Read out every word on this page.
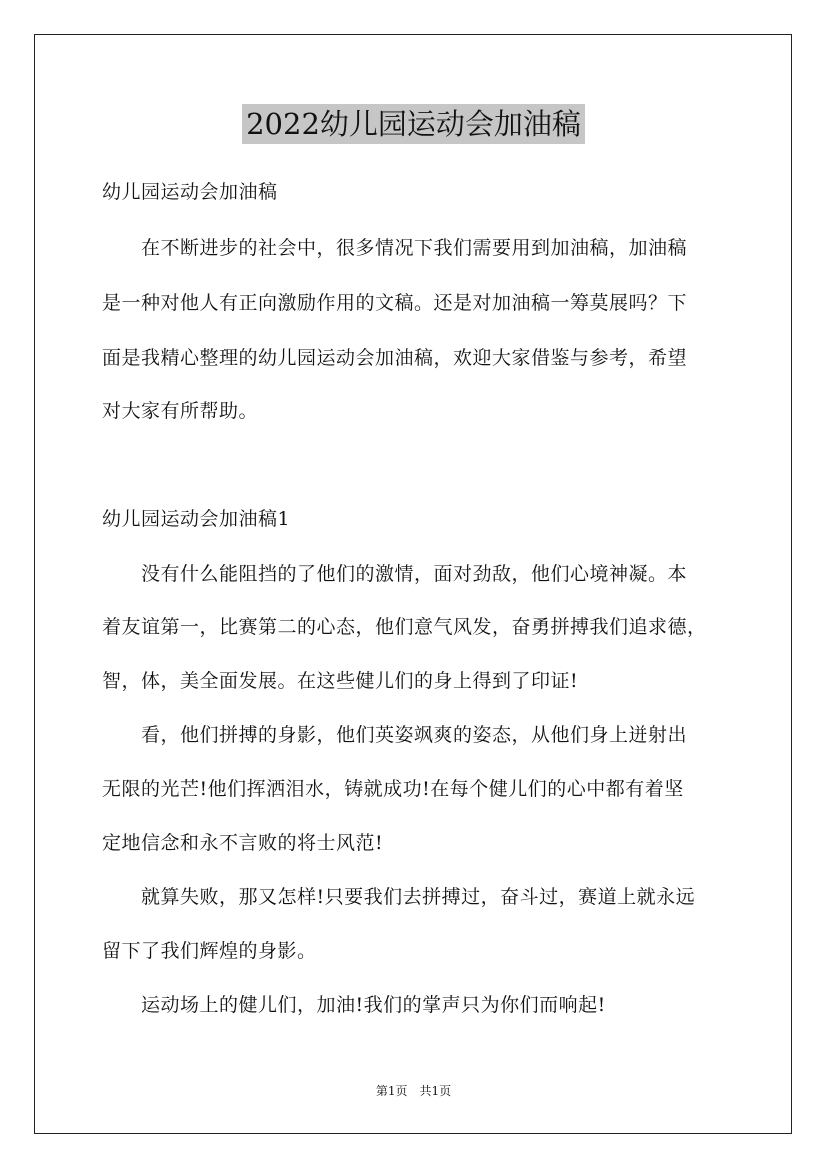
2022幼儿园运动会加油稿
幼儿园运动会加油稿
　　在不断进步的社会中，很多情况下我们需要用到加油稿，加油稿
是一种对他人有正向激励作用的文稿。还是对加油稿一筹莫展吗？下
面是我精心整理的幼儿园运动会加油稿，欢迎大家借鉴与参考，希望
对大家有所帮助。
幼儿园运动会加油稿1
　　没有什么能阻挡的了他们的激情，面对劲敌，他们心境神凝。本
着友谊第一，比赛第二的心态，他们意气风发，奋勇拼搏我们追求德，
智，体，美全面发展。在这些健儿们的身上得到了印证!
　　看，他们拼搏的身影，他们英姿飒爽的姿态，从他们身上迸射出
无限的光芒!他们挥洒泪水，铸就成功!在每个健儿们的心中都有着坚
定地信念和永不言败的将士风范!
　　就算失败，那又怎样!只要我们去拼搏过，奋斗过，赛道上就永远
留下了我们辉煌的身影。
　　运动场上的健儿们，加油!我们的掌声只为你们而响起!
第1页　共1页
